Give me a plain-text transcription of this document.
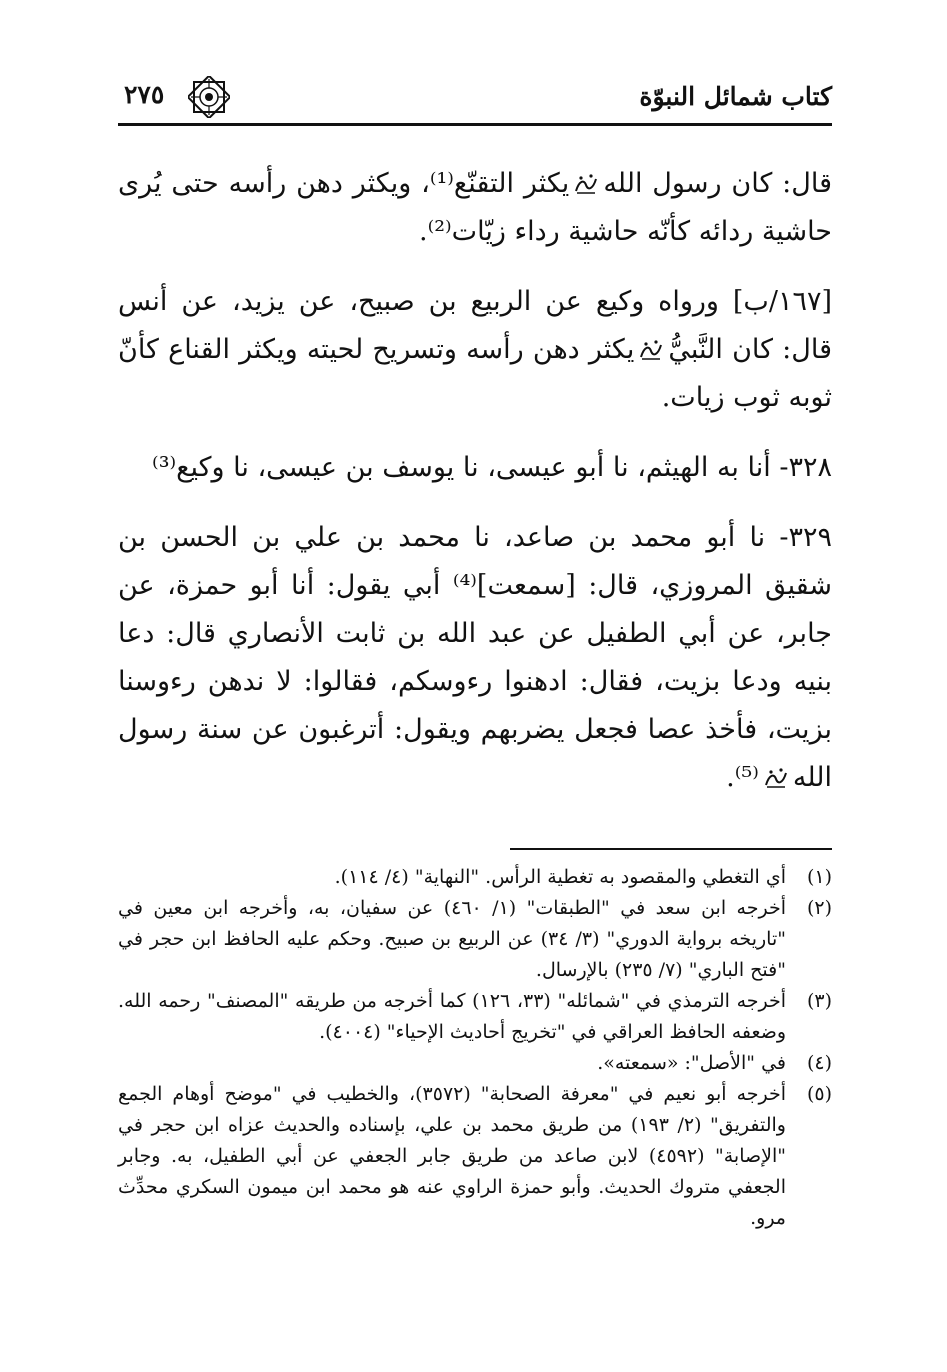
كتاب شمائل النبوّة
٢٧٥

قال: كان رسول اللهيكثر التقنّع⁽¹⁾، ويكثر دهن رأسه حتى يُرى حاشية ردائه كأنّه حاشية رداء زيّات⁽²⁾.

[١٦٧/ب] ورواه وكيع عن الربيع بن صبيح، عن يزيد، عن أنس قال: كان النَّبيُّيكثر دهن رأسه وتسريح لحيته ويكثر القناع كأنّ ثوبه ثوب زيات.

٣٢٨- أنا به الهيثم، نا أبو عيسى، نا يوسف بن عيسى، نا وكيع⁽³⁾

٣٢٩- نا أبو محمد بن صاعد، نا محمد بن علي بن الحسن بن شقيق المروزي، قال: [سمعت]⁽⁴⁾ أبي يقول: أنا أبو حمزة، عن جابر، عن أبي الطفيل عن عبد الله بن ثابت الأنصاري قال: دعا بنيه ودعا بزيت، فقال: ادهنوا رءوسكم، فقالوا: لا ندهن رءوسنا بزيت، فأخذ عصا فجعل يضربهم ويقول: أترغبون عن سنة رسول الله⁽⁵⁾.

(١)
أي التغطي والمقصود به تغطية الرأس. "النهاية" (٤/ ١١٤).
(٢)
أخرجه ابن سعد في "الطبقات" (١/ ٤٦٠) عن سفيان، به، وأخرجه ابن معين في "تاريخه برواية الدوري" (٣/ ٣٤) عن الربيع بن صبيح. وحكم عليه الحافظ ابن حجر في "فتح الباري" (٧/ ٢٣٥) بالإرسال.
(٣)
أخرجه الترمذي في "شمائله" (٣٣، ١٢٦) كما أخرجه من طريقه "المصنف" رحمه الله. وضعفه الحافظ العراقي في "تخريج أحاديث الإحياء" (٤٠٠٤).
(٤)
في "الأصل": «سمعته».
(٥)
أخرجه أبو نعيم في "معرفة الصحابة" (٣٥٧٢)، والخطيب في "موضح أوهام الجمع والتفريق" (٢/ ١٩٣) من طريق محمد بن علي، بإسناده والحديث عزاه ابن حجر في "الإصابة" (٤٥٩٢) لابن صاعد من طريق جابر الجعفي عن أبي الطفيل، به. وجابر الجعفي متروك الحديث. وأبو حمزة الراوي عنه هو محمد ابن ميمون السكري محدِّث مرو.
